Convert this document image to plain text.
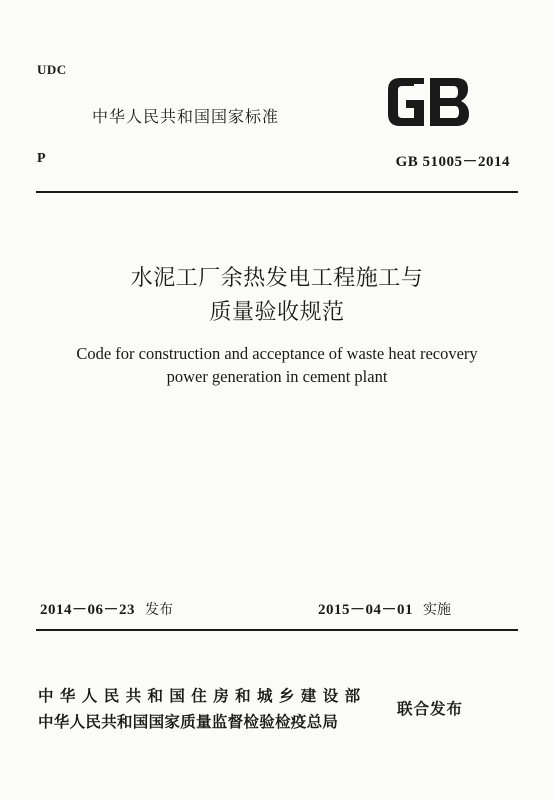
UDC
中华人民共和国国家标准
P	GB 51005－2014
水泥工厂余热发电工程施工与
质量验收规范
Code for construction and acceptance of waste heat recovery
power generation in cement plant
2014－06－23 发布	2015－04－01 实施
中华人民共和国住房和城乡建设部
中华人民共和国国家质量监督检验检疫总局
联合发布
